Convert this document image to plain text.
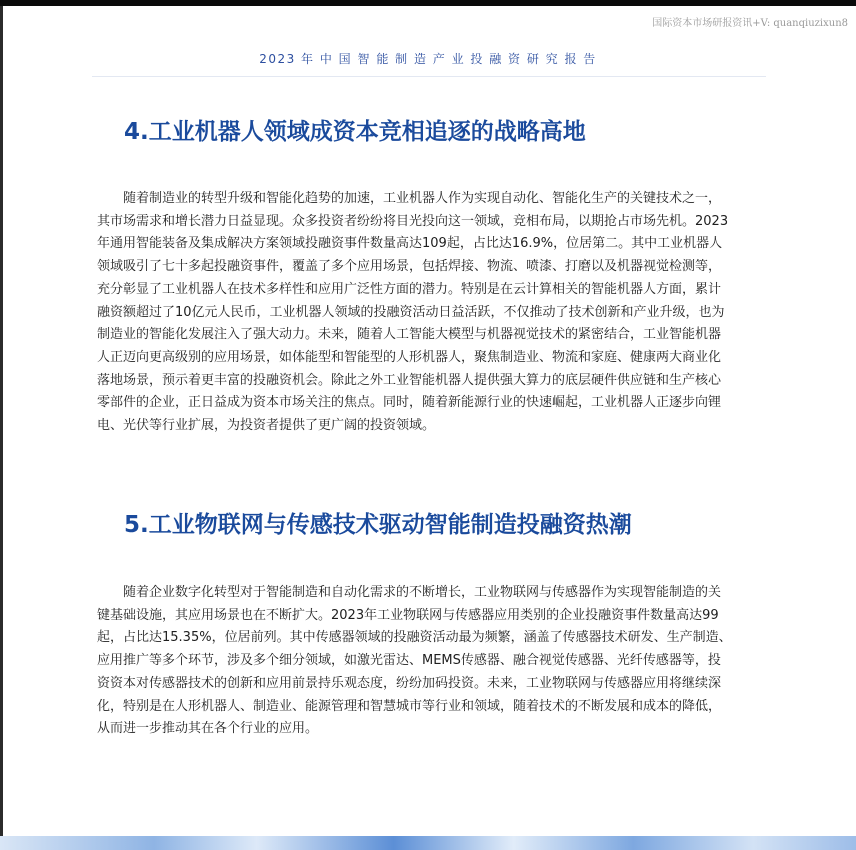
国际资本市场研报资讯+V: quanqiuzixun8
2023 年 中 国 智 能 制 造 产 业 投 融 资 研 究 报 告
4.工业机器人领域成资本竞相追逐的战略高地

随着制造业的转型升级和智能化趋势的加速，工业机器人作为实现自动化、智能化生产的关键技术之一，
其市场需求和增长潜力日益显现。众多投资者纷纷将目光投向这一领域，竞相布局，以期抢占市场先机。2023
年通用智能装备及集成解决方案领域投融资事件数量高达109起，占比达16.9%，位居第二。其中工业机器人
领域吸引了七十多起投融资事件，覆盖了多个应用场景，包括焊接、物流、喷漆、打磨以及机器视觉检测等，
充分彰显了工业机器人在技术多样性和应用广泛性方面的潜力。特别是在云计算相关的智能机器人方面，累计
融资额超过了10亿元人民币，工业机器人领域的投融资活动日益活跃，不仅推动了技术创新和产业升级，也为
制造业的智能化发展注入了强大动力。未来，随着人工智能大模型与机器视觉技术的紧密结合，工业智能机器
人正迈向更高级别的应用场景，如体能型和智能型的人形机器人，聚焦制造业、物流和家庭、健康两大商业化
落地场景，预示着更丰富的投融资机会。除此之外工业智能机器人提供强大算力的底层硬件供应链和生产核心
零部件的企业，正日益成为资本市场关注的焦点。同时，随着新能源行业的快速崛起，工业机器人正逐步向锂
电、光伏等行业扩展，为投资者提供了更广阔的投资领域。

5.工业物联网与传感技术驱动智能制造投融资热潮

随着企业数字化转型对于智能制造和自动化需求的不断增长，工业物联网与传感器作为实现智能制造的关
键基础设施，其应用场景也在不断扩大。2023年工业物联网与传感器应用类别的企业投融资事件数量高达99
起，占比达15.35%，位居前列。其中传感器领域的投融资活动最为频繁，涵盖了传感器技术研发、生产制造、
应用推广等多个环节，涉及多个细分领域，如激光雷达、MEMS传感器、融合视觉传感器、光纤传感器等，投
资资本对传感器技术的创新和应用前景持乐观态度，纷纷加码投资。未来，工业物联网与传感器应用将继续深
化，特别是在人形机器人、制造业、能源管理和智慧城市等行业和领域，随着技术的不断发展和成本的降低，
从而进一步推动其在各个行业的应用。
